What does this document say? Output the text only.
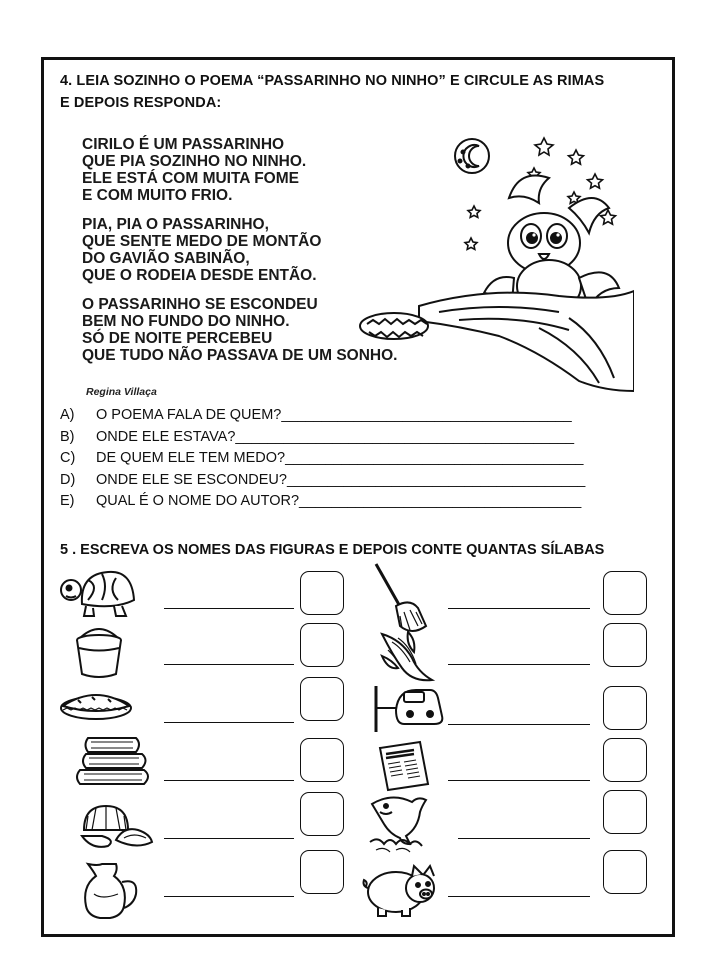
4. LEIA SOZINHO O POEMA “PASSARINHO NO NINHO” E CIRCULE AS RIMAS
E DEPOIS RESPONDA:
CIRILO É UM PASSARINHO
QUE PIA SOZINHO NO NINHO.
ELE ESTÁ COM MUITA FOME
E COM MUITO FRIO.
PIA, PIA O PASSARINHO,
QUE SENTE MEDO DE MONTÃO
DO GAVIÃO SABINÃO,
QUE O RODEIA DESDE ENTÃO.
O PASSARINHO SE ESCONDEU
BEM NO FUNDO DO NINHO.
SÓ DE NOITE PERCEBEU
QUE TUDO NÃO PASSAVA DE UM SONHO.
Regina Villaça
A)	O POEMA FALA DE QUEM?____________________________________
B)	ONDE ELE ESTAVA?__________________________________________
C)	DE QUEM ELE TEM MEDO?_____________________________________
D)	ONDE ELE SE ESCONDEU?_____________________________________
E)	QUAL É O NOME DO AUTOR?___________________________________
5 . ESCREVA OS NOMES DAS FIGURAS E DEPOIS CONTE QUANTAS SÍLABAS
